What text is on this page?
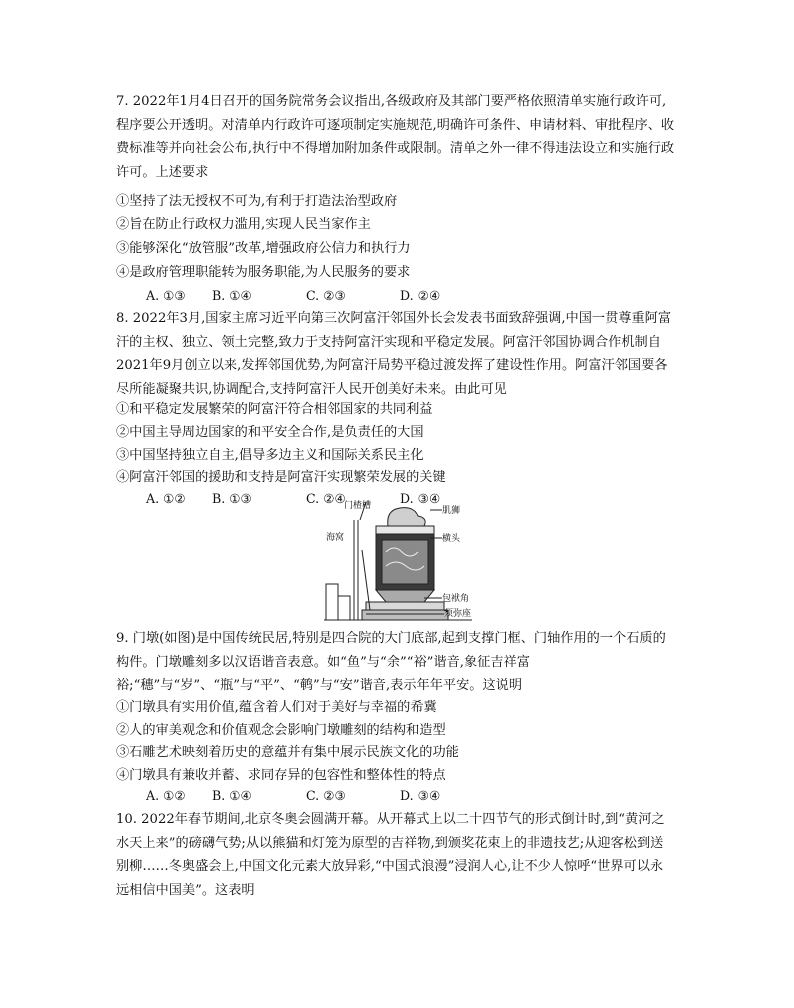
7. 2022年1月4日召开的国务院常务会议指出,各级政府及其部门要严格依照清单实施行政许可,程序要公开透明。对清单内行政许可逐项制定实施规范,明确许可条件、申请材料、审批程序、收费标准等并向社会公布,执行中不得增加附加条件或限制。清单之外一律不得违法设立和实施行政许可。上述要求
①坚持了法无授权不可为,有利于打造法治型政府
②旨在防止行政权力滥用,实现人民当家作主
③能够深化“放管服”改革,增强政府公信力和执行力
④是政府管理职能转为服务职能,为人民服务的要求
A. ①③ B. ①④	C. ②③	D. ②④
8. 2022年3月,国家主席习近平向第三次阿富汗邻国外长会发表书面致辞强调,中国一贯尊重阿富汗的主权、独立、领土完整,致力于支持阿富汗实现和平稳定发展。阿富汗邻国协调合作机制自2021年9月创立以来,发挥邻国优势,为阿富汗局势平稳过渡发挥了建设性作用。阿富汗邻国要各尽所能凝聚共识,协调配合,支持阿富汗人民开创美好未来。由此可见
①和平稳定发展繁荣的阿富汗符合相邻国家的共同利益
②中国主导周边国家的和平安全合作,是负责任的大国
③中国坚持独立自主,倡导多边主义和国际关系民主化
④阿富汗邻国的援助和支持是阿富汗实现繁荣发展的关键
A. ①② B. ①③	C. ②④	D. ③④
门楂槽	肌狮
海窝	横头
包袱角
须弥座
9. 门墩(如图)是中国传统民居,特别是四合院的大门底部,起到支撑门框、门轴作用的一个石质的构件。门墩雕刻多以汉语谐音表意。如“鱼”与“余”“裕”谐音,象征吉祥富裕;“穗”与“岁”、“瓶”与“平”、“鹌”与“安”谐音,表示年年平安。这说明
①门墩具有实用价值,蕴含着人们对于美好与幸福的希冀
②人的审美观念和价值观念会影响门墩雕刻的结构和造型
③石雕艺术映刻着历史的意蕴并有集中展示民族文化的功能
④门墩具有兼收并蓄、求同存异的包容性和整体性的特点
A. ①② B. ①④	C. ②③	D. ③④
10. 2022年春节期间,北京冬奥会圆满开幕。从开幕式上以二十四节气的形式倒计时,到“黄河之水天上来”的磅礴气势;从以熊猫和灯笼为原型的吉祥物,到颁奖花束上的非遗技艺;从迎客松到送别柳……冬奥盛会上,中国文化元素大放异彩,“中国式浪漫”浸润人心,让不少人惊呼“世界可以永远相信中国美”。这表明
